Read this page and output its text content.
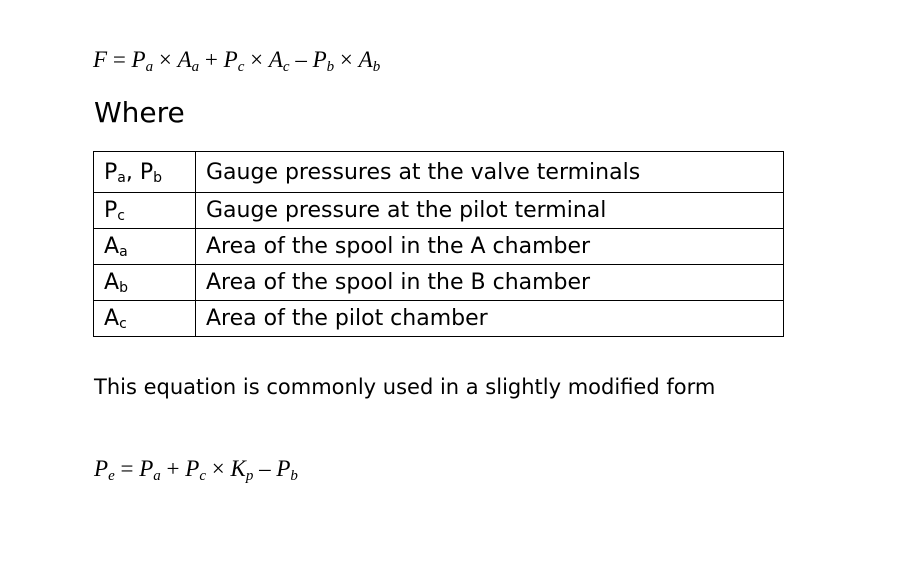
$F = P_a \times A_a + P_c \times A_c - P_b \times A_b$
Where
$P_a$, $P_b$	Gauge pressures at the valve terminals
$P_c$	Gauge pressure at the pilot terminal
$A_a$	Area of the spool in the A chamber
$A_b$	Area of the spool in the B chamber
$A_c$	Area of the pilot chamber
This equation is commonly used in a slightly modified form
$P_e = P_a + P_c \times K_p - P_b$
